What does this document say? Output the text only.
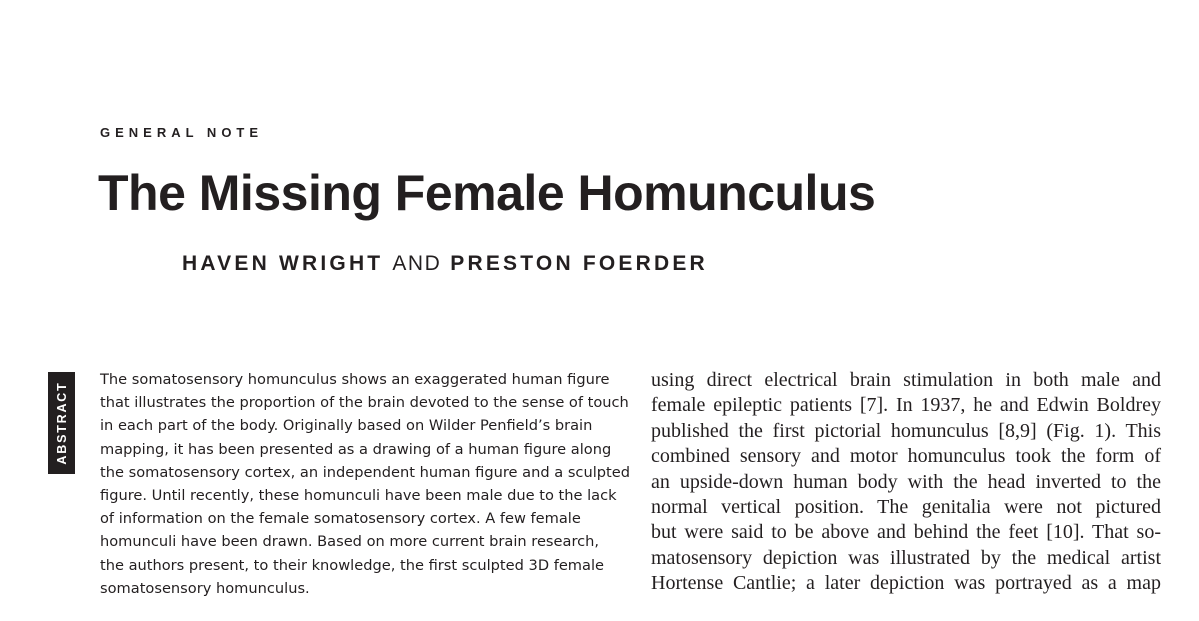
GENERAL NOTE
The Missing Female Homunculus
HAVEN WRIGHT AND PRESTON FOERDER
ABSTRACT
The somatosensory homunculus shows an exaggerated human figure
that illustrates the proportion of the brain devoted to the sense of touch
in each part of the body. Originally based on Wilder Penfield’s brain
mapping, it has been presented as a drawing of a human figure along
the somatosensory cortex, an independent human figure and a sculpted
figure. Until recently, these homunculi have been male due to the lack
of information on the female somatosensory cortex. A few female
homunculi have been drawn. Based on more current brain research,
the authors present, to their knowledge, the first sculpted 3D female
somatosensory homunculus.
using direct electrical brain stimulation in both male and
female epileptic patients [7]. In 1937, he and Edwin Boldrey
published the first pictorial homunculus [8,9] (Fig. 1). This
combined sensory and motor homunculus took the form of
an upside-down human body with the head inverted to the
normal vertical position. The genitalia were not pictured
but were said to be above and behind the feet [10]. That so-
matosensory depiction was illustrated by the medical artist
Hortense Cantlie; a later depiction was portrayed as a map
